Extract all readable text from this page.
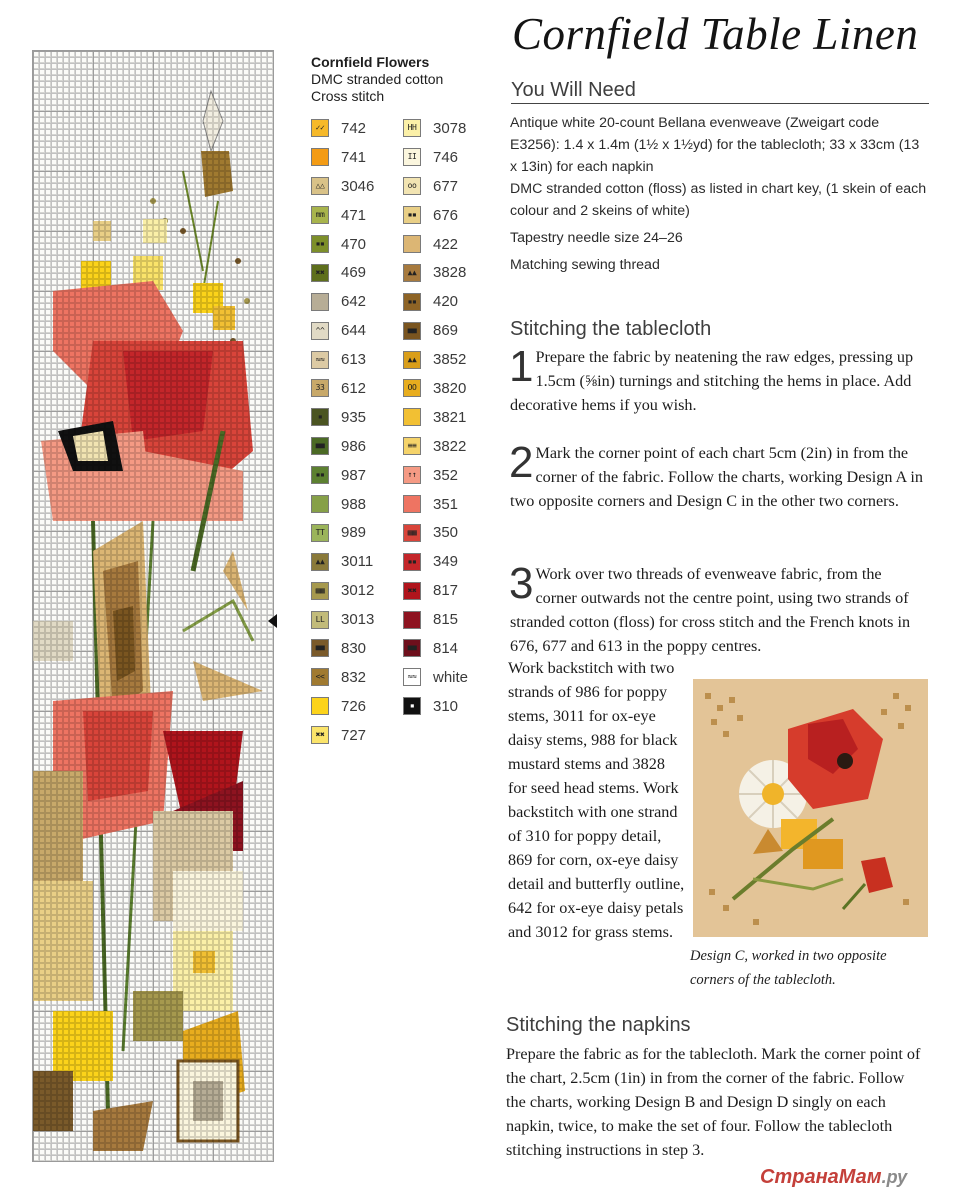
Cornfield Flowers
DMC stranded cotton
Cross stitch
✓✓	742
741
△△	3046
mm	471
▪▪	470
✖✖	469
642
^^	644
≈≈	613
33	612
▪	935
■■	986
▪▪	987
988
TT	989
▲▲	3011
▦▦	3012
LL	3013
■■	830
<<	832
726
✖✖	727
HH	3078
II	746
oo	677
▪▪	676
422
▲▲	3828
▪▪	420
■■	869
▲▲	3852
OO	3820
3821
≡≡	3822
↑↑	352
351
▦▦	350
▪▪	349
✖✖	817
815
■■	814
≈≈	white
▪	310
Cornfield Table Linen
You Will Need
Antique white 20-count Bellana evenweave (Zweigart code E3256): 1.4 x 1.4m (1½ x 1½yd) for the tablecloth; 33 x 33cm (13 x 13in) for each napkin
DMC stranded cotton (floss) as listed in chart key, (1 skein of each colour and 2 skeins of white)
Tapestry needle size 24–26
Matching sewing thread
Stitching the tablecloth
1 Prepare the fabric by neatening the raw edges, pressing up 1.5cm (⅝in) turnings and stitching the hems in place. Add decorative hems if you wish.
2 Mark the corner point of each chart 5cm (2in) in from the corner of the fabric. Follow the charts, working Design A in two opposite corners and Design C in the other two corners.
3 Work over two threads of evenweave fabric, from the corner outwards not the centre point, using two strands of stranded cotton (floss) for cross stitch and the French knots in 676, 677 and 613 in the poppy centres.
Work backstitch with two strands of 986 for poppy stems, 3011 for ox-eye daisy stems, 988 for black mustard stems and 3828 for seed head stems. Work backstitch with one strand of 310 for poppy detail, 869 for corn, ox-eye daisy detail and butterfly outline, 642 for ox-eye daisy petals and 3012 for grass stems.
Design C, worked in two opposite corners of the tablecloth.
Stitching the napkins
Prepare the fabric as for the tablecloth. Mark the corner point of the chart, 2.5cm (1in) in from the corner of the fabric. Follow the charts, working Design B and Design D singly on each napkin, twice, to make the set of four. Follow the tablecloth stitching instructions in step 3.
СтранаМам.ру
